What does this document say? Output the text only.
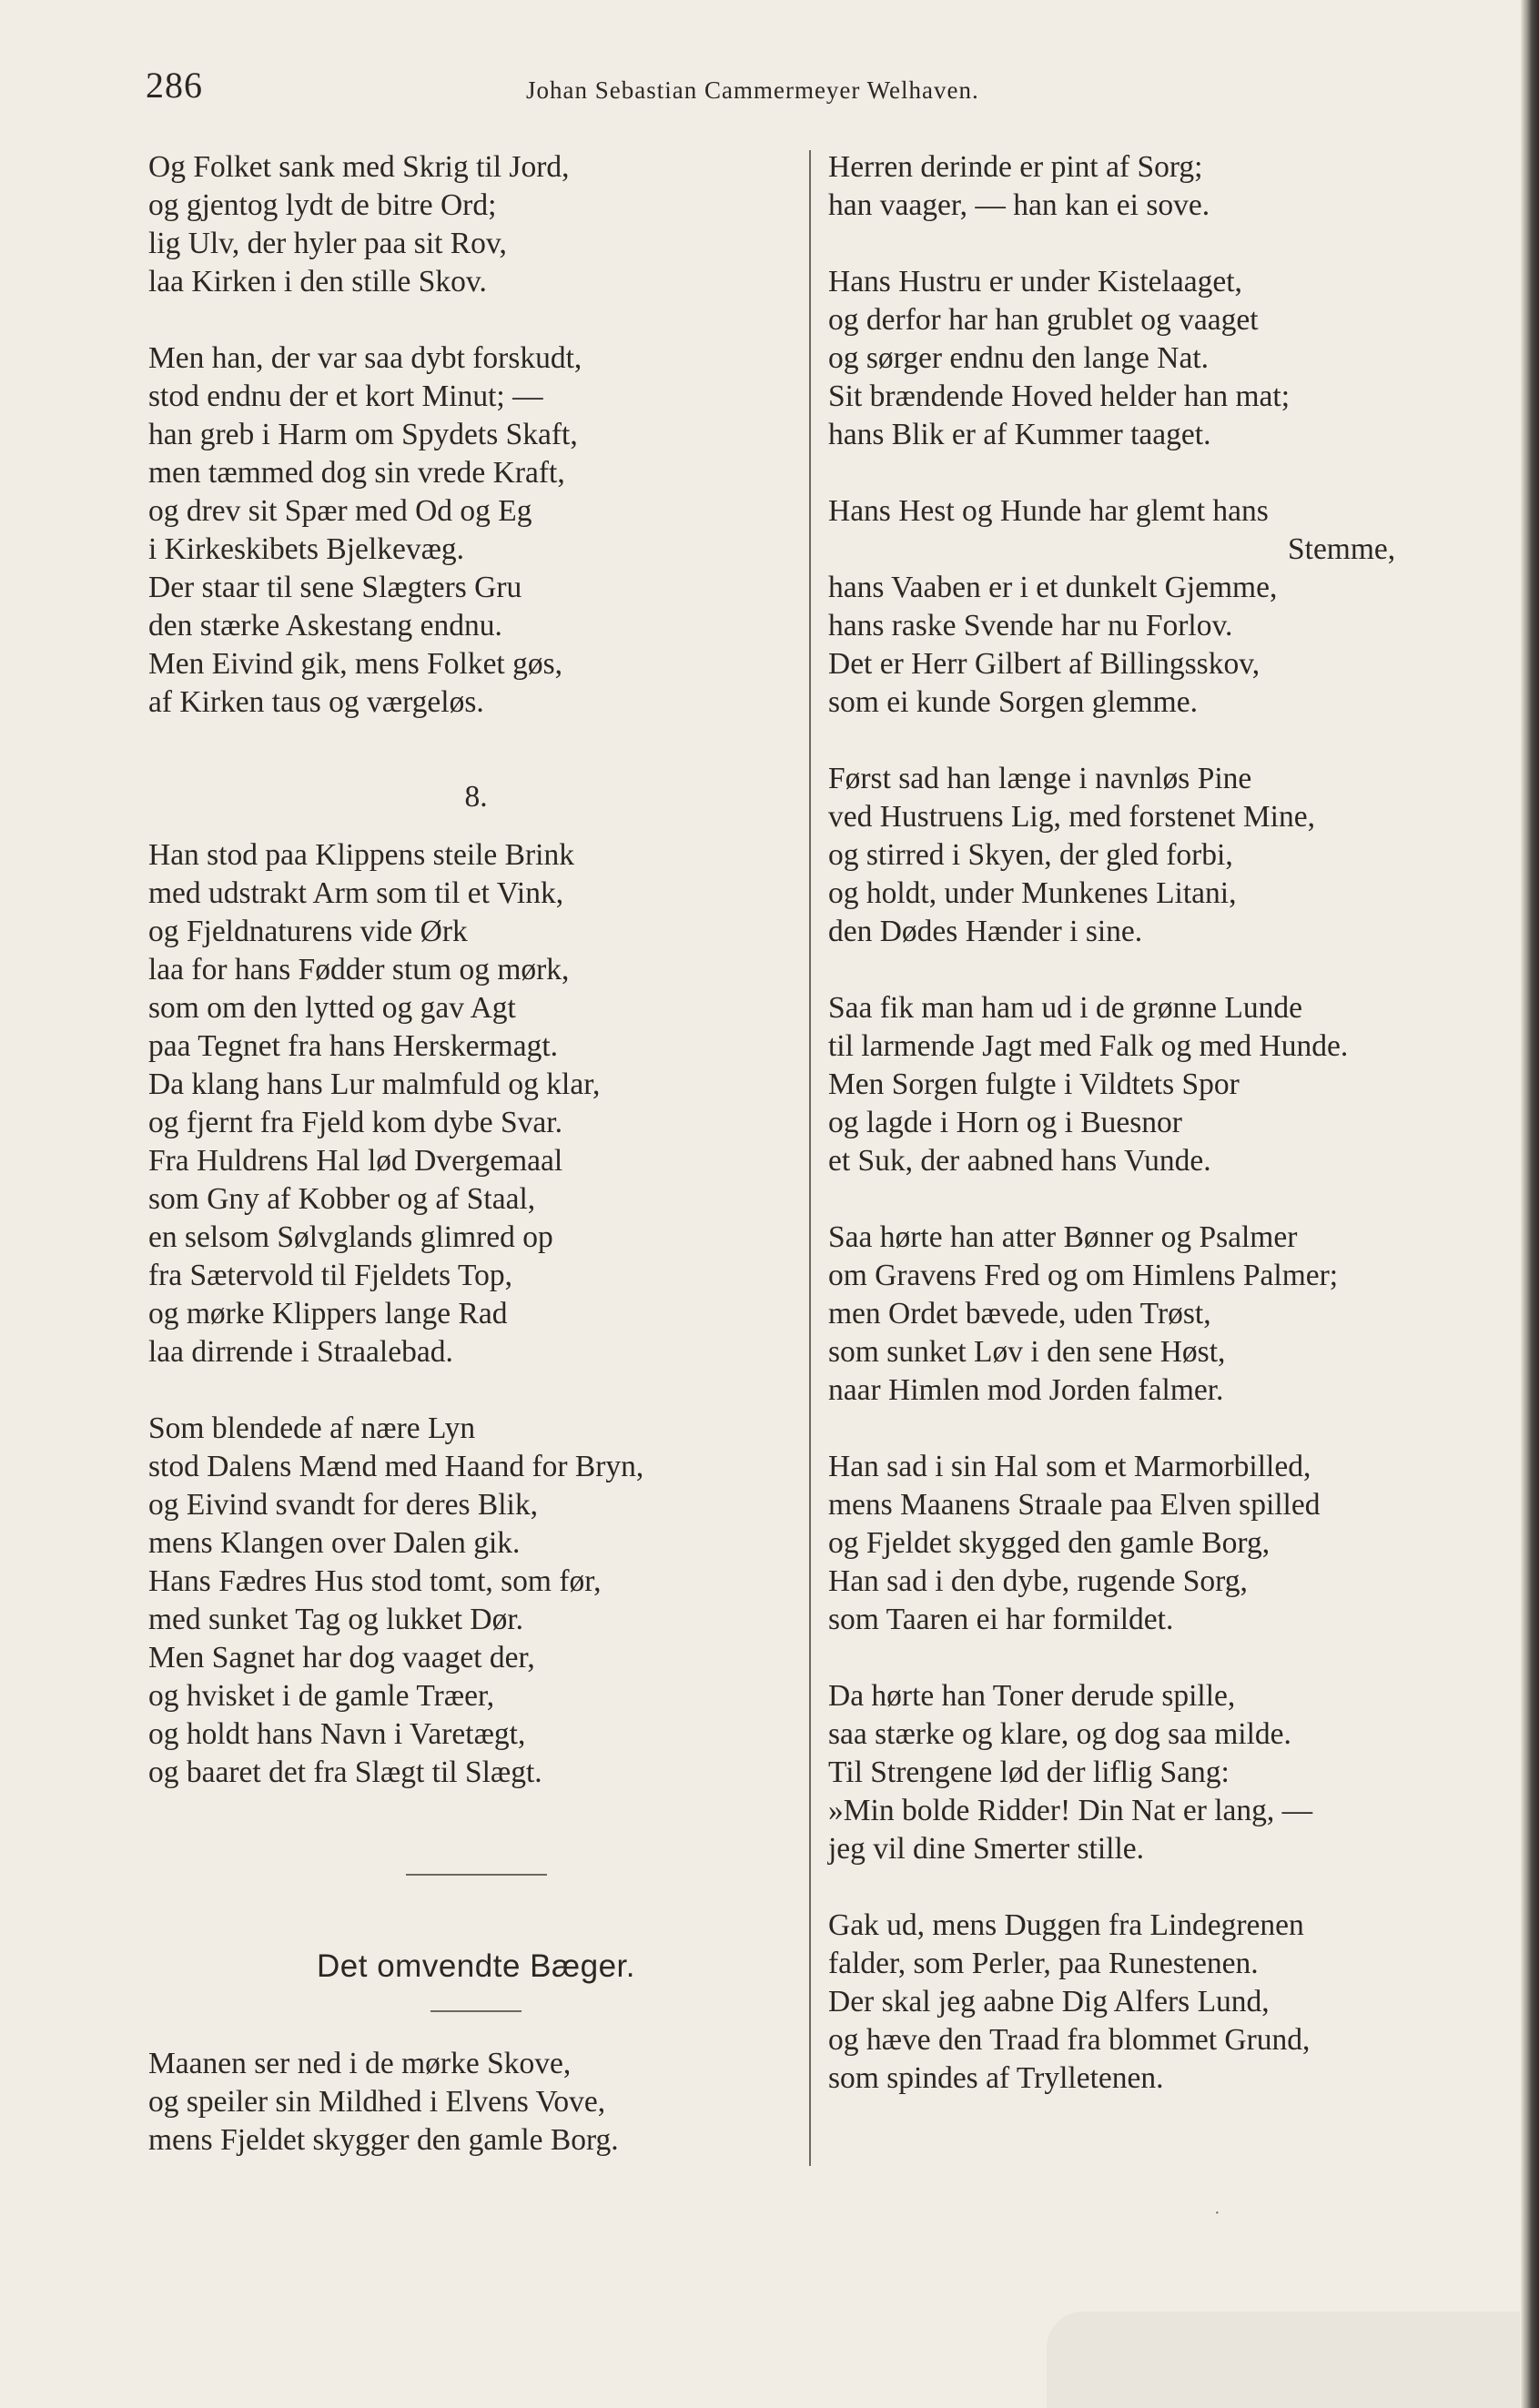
286	Johan Sebastian Cammermeyer Welhaven.
Og Folket sank med Skrig til Jord,
og gjentog lydt de bitre Ord;
lig Ulv, der hyler paa sit Rov,
laa Kirken i den stille Skov.
Men han, der var saa dybt forskudt,
stod endnu der et kort Minut; —
han greb i Harm om Spydets Skaft,
men tæmmed dog sin vrede Kraft,
og drev sit Spær med Od og Eg
i Kirkeskibets Bjelkevæg.
Der staar til sene Slægters Gru
den stærke Askestang endnu.
Men Eivind gik, mens Folket gøs,
af Kirken taus og værgeløs.
8.
Han stod paa Klippens steile Brink
med udstrakt Arm som til et Vink,
og Fjeldnaturens vide Ørk
laa for hans Fødder stum og mørk,
som om den lytted og gav Agt
paa Tegnet fra hans Herskermagt.
Da klang hans Lur malmfuld og klar,
og fjernt fra Fjeld kom dybe Svar.
Fra Huldrens Hal lød Dvergemaal
som Gny af Kobber og af Staal,
en selsom Sølvglands glimred op
fra Sætervold til Fjeldets Top,
og mørke Klippers lange Rad
laa dirrende i Straalebad.
Som blendede af nære Lyn
stod Dalens Mænd med Haand for Bryn,
og Eivind svandt for deres Blik,
mens Klangen over Dalen gik.
Hans Fædres Hus stod tomt, som før,
med sunket Tag og lukket Dør.
Men Sagnet har dog vaaget der,
og hvisket i de gamle Træer,
og holdt hans Navn i Varetægt,
og baaret det fra Slægt til Slægt.
Det omvendte Bæger.
Maanen ser ned i de mørke Skove,
og speiler sin Mildhed i Elvens Vove,
mens Fjeldet skygger den gamle Borg.
Herren derinde er pint af Sorg;
han vaager, — han kan ei sove.
Hans Hustru er under Kistelaaget,
og derfor har han grublet og vaaget
og sørger endnu den lange Nat.
Sit brændende Hoved helder han mat;
hans Blik er af Kummer taaget.
Hans Hest og Hunde har glemt hans
Stemme,
hans Vaaben er i et dunkelt Gjemme,
hans raske Svende har nu Forlov.
Det er Herr Gilbert af Billingsskov,
som ei kunde Sorgen glemme.
Først sad han længe i navnløs Pine
ved Hustruens Lig, med forstenet Mine,
og stirred i Skyen, der gled forbi,
og holdt, under Munkenes Litani,
den Dødes Hænder i sine.
Saa fik man ham ud i de grønne Lunde
til larmende Jagt med Falk og med Hunde.
Men Sorgen fulgte i Vildtets Spor
og lagde i Horn og i Buesnor
et Suk, der aabned hans Vunde.
Saa hørte han atter Bønner og Psalmer
om Gravens Fred og om Himlens Palmer;
men Ordet bævede, uden Trøst,
som sunket Løv i den sene Høst,
naar Himlen mod Jorden falmer.
Han sad i sin Hal som et Marmorbilled,
mens Maanens Straale paa Elven spilled
og Fjeldet skygged den gamle Borg,
Han sad i den dybe, rugende Sorg,
som Taaren ei har formildet.
Da hørte han Toner derude spille,
saa stærke og klare, og dog saa milde.
Til Strengene lød der liflig Sang:
»Min bolde Ridder! Din Nat er lang, —
jeg vil dine Smerter stille.
Gak ud, mens Duggen fra Lindegrenen
falder, som Perler, paa Runestenen.
Der skal jeg aabne Dig Alfers Lund,
og hæve den Traad fra blommet Grund,
som spindes af Trylletenen.
·
